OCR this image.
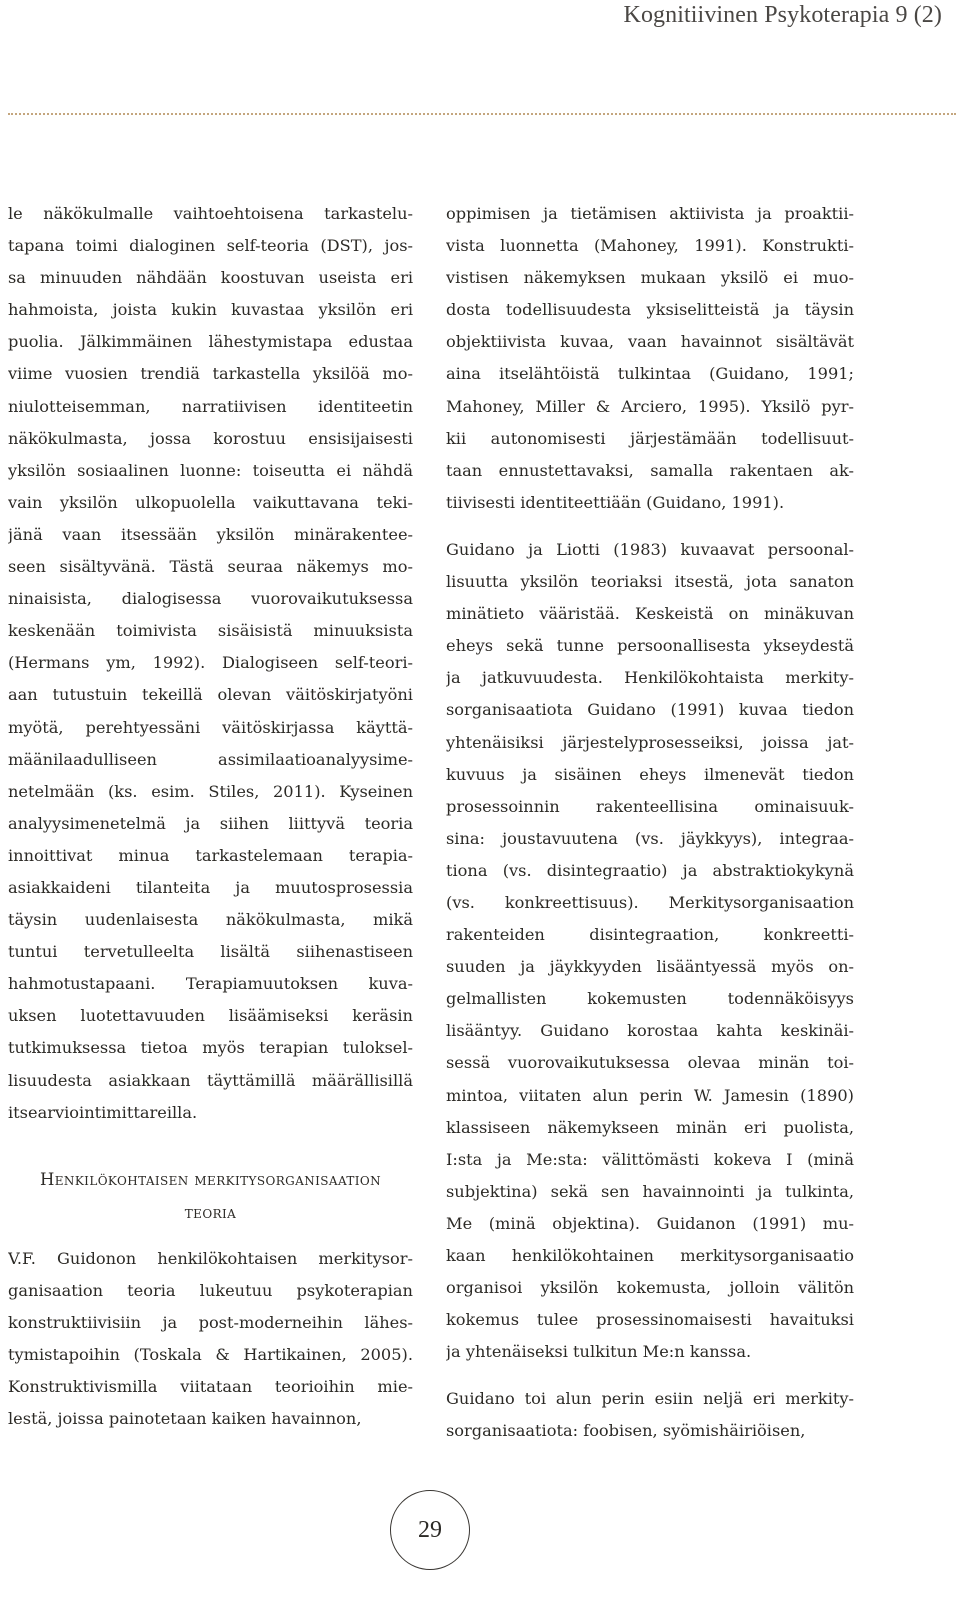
Kognitiivinen Psykoterapia 9 (2)
le näkökulmalle vaihtoehtoisena tarkastelu-
tapana toimi dialoginen self-teoria (DST), jos-
sa minuuden nähdään koostuvan useista eri
hahmoista, joista kukin kuvastaa yksilön eri
puolia. Jälkimmäinen lähestymistapa edustaa
viime vuosien trendiä tarkastella yksilöä mo-
niulotteisemman, narratiivisen identiteetin
näkökulmasta, jossa korostuu ensisijaisesti
yksilön sosiaalinen luonne: toiseutta ei nähdä
vain yksilön ulkopuolella vaikuttavana teki-
jänä vaan itsessään yksilön minärakentee-
seen sisältyvänä. Tästä seuraa näkemys mo-
ninaisista, dialogisessa vuorovaikutuksessa
keskenään toimivista sisäisistä minuuksista
(Hermans ym, 1992). Dialogiseen self-teori-
aan tutustuin tekeillä olevan väitöskirjatyöni
myötä, perehtyessäni väitöskirjassa käyttä-
määnilaadulliseen assimilaatioanalyysime-
netelmään (ks. esim. Stiles, 2011). Kyseinen
analyysimenetelmä ja siihen liittyvä teoria
innoittivat minua tarkastelemaan terapia-
asiakkaideni tilanteita ja muutosprosessia
täysin uudenlaisesta näkökulmasta, mikä
tuntui tervetulleelta lisältä siihenastiseen
hahmotustapaani. Terapiamuutoksen kuva-
uksen luotettavuuden lisäämiseksi keräsin
tutkimuksessa tietoa myös terapian tuloksel-
lisuudesta asiakkaan täyttämillä määrällisillä
itsearviointimittareilla.
Henkilökohtaisen merkitysorganisaation
teoria
V.F. Guidonon henkilökohtaisen merkitysor-
ganisaation teoria lukeutuu psykoterapian
konstruktiivisiin ja post-moderneihin lähes-
tymistapoihin (Toskala & Hartikainen, 2005).
Konstruktivismilla viitataan teorioihin mie-
lestä, joissa painotetaan kaiken havainnon,
oppimisen ja tietämisen aktiivista ja proaktii-
vista luonnetta (Mahoney, 1991). Konstrukti-
vistisen näkemyksen mukaan yksilö ei muo-
dosta todellisuudesta yksiselitteistä ja täysin
objektiivista kuvaa, vaan havainnot sisältävät
aina itselähtöistä tulkintaa (Guidano, 1991;
Mahoney, Miller & Arciero, 1995). Yksilö pyr-
kii autonomisesti järjestämään todellisuut-
taan ennustettavaksi, samalla rakentaen ak-
tiivisesti identiteettiään (Guidano, 1991).
Guidano ja Liotti (1983) kuvaavat persoonal-
lisuutta yksilön teoriaksi itsestä, jota sanaton
minätieto vääristää. Keskeistä on minäkuvan
eheys sekä tunne persoonallisesta ykseydestä
ja jatkuvuudesta. Henkilökohtaista merkity-
sorganisaatiota Guidano (1991) kuvaa tiedon
yhtenäisiksi järjestelyprosesseiksi, joissa jat-
kuvuus ja sisäinen eheys ilmenevät tiedon
prosessoinnin rakenteellisina ominaisuuk-
sina: joustavuutena (vs. jäykkyys), integraa-
tiona (vs. disintegraatio) ja abstraktiokykynä
(vs. konkreettisuus). Merkitysorganisaation
rakenteiden disintegraation, konkreetti-
suuden ja jäykkyyden lisääntyessä myös on-
gelmallisten kokemusten todennäköisyys
lisääntyy. Guidano korostaa kahta keskinäi-
sessä vuorovaikutuksessa olevaa minän toi-
mintoa, viitaten alun perin W. Jamesin (1890)
klassiseen näkemykseen minän eri puolista,
I:sta ja Me:sta: välittömästi kokeva I (minä
subjektina) sekä sen havainnointi ja tulkinta,
Me (minä objektina). Guidanon (1991) mu-
kaan henkilökohtainen merkitysorganisaatio
organisoi yksilön kokemusta, jolloin välitön
kokemus tulee prosessinomaisesti havaituksi
ja yhtenäiseksi tulkitun Me:n kanssa.
Guidano toi alun perin esiin neljä eri merkity-
sorganisaatiota: foobisen, syömishäiriöisen,
29
